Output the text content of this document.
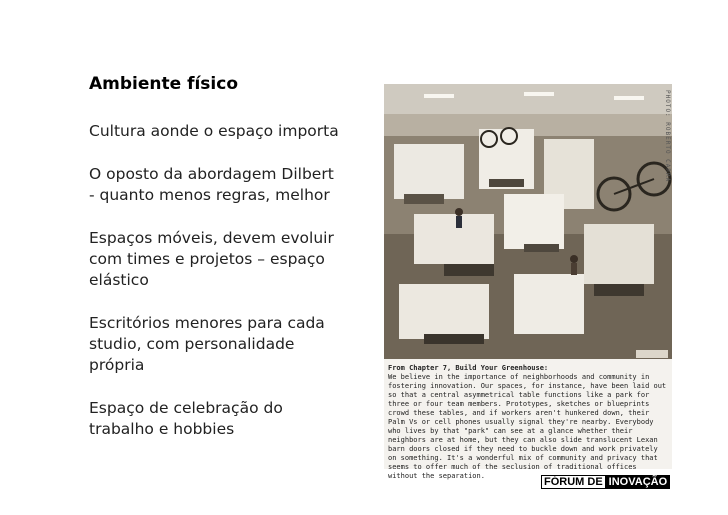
Ambiente físico
Cultura aonde o espaço importa
O oposto da abordagem Dilbert
- quanto menos regras, melhor
Espaços móveis, devem evoluir
com times e projetos – espaço
elástico
Escritórios menores para cada
studio, com personalidade
própria
Espaço de celebração do
trabalho e hobbies
PHOTO: ROBERTO CARRA
From Chapter 7, Build Your Greenhouse:
We believe in the importance of neighborhoods and community in fostering innovation. Our spaces, for instance, have been laid out so that a central asymmetrical table functions like a park for three or four team members. Prototypes, sketches or blueprints crowd these tables, and if workers aren't hunkered down, their Palm Vs or cell phones usually signal they're nearby. Everybody who lives by that "park" can see at a glance whether their neighbors are at home, but they can also slide translucent Lexan barn doors closed if they need to buckle down and work privately on something. It's a wonderful mix of community and privacy that seems to offer much of the seclusion of traditional offices without the separation.	FÓRUM DE INOVAÇÃO
